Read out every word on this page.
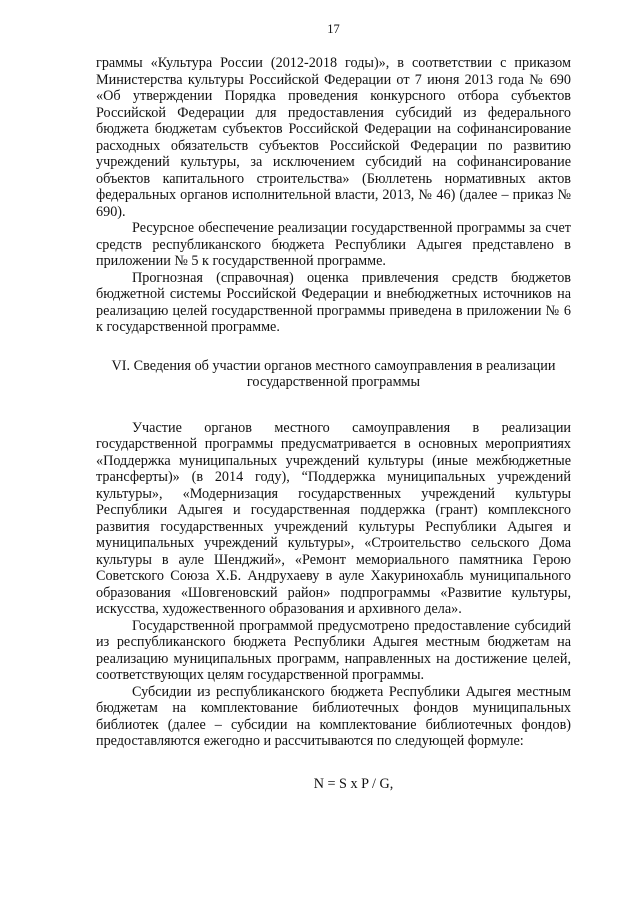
17

граммы «Культура России (2012-2018 годы)», в соответствии с приказом Министерства культуры Российской Федерации от 7 июня 2013 года № 690 «Об утверждении Порядка проведения конкурсного отбора субъектов Российской Федерации для предоставления субсидий из федерального бюджета бюджетам субъектов Российской Федерации на софинансирование расходных обязательств субъектов Российской Федерации по развитию учреждений культуры, за исключением субсидий на софинансирование объектов капитального строительства» (Бюллетень нормативных актов федеральных органов исполнительной власти, 2013, № 46) (далее – приказ № 690).

Ресурсное обеспечение реализации государственной программы за счет средств республиканского бюджета Республики Адыгея представлено в приложении № 5 к государственной программе.

Прогнозная (справочная) оценка привлечения средств бюджетов бюджетной системы Российской Федерации и внебюджетных источников на реализацию целей государственной программы приведена в приложении № 6 к государственной программе.

VI. Сведения об участии органов местного самоуправления в реализации
государственной программы

Участие органов местного самоуправления в реализации государственной программы предусматривается в основных мероприятиях «Поддержка муниципальных учреждений культуры (иные межбюджетные трансферты)» (в 2014 году), “Поддержка муниципальных учреждений культуры», «Модернизация государственных учреждений культуры Республики Адыгея и государственная поддержка (грант) комплексного развития государственных учреждений культуры Республики Адыгея и муниципальных учреждений культуры», «Строительство сельского Дома культуры в ауле Шенджий», «Ремонт мемориального памятника Герою Советского Союза Х.Б. Андрухаеву в ауле Хакуринохабль муниципального образования «Шовгеновский район» подпрограммы «Развитие культуры, искусства, художественного образования и архивного дела».

Государственной программой предусмотрено предоставление субсидий из республиканского бюджета Республики Адыгея местным бюджетам на реализацию муниципальных программ, направленных на достижение целей, соответствующих целям государственной программы.

Субсидии из республиканского бюджета Республики Адыгея местным бюджетам на комплектование библиотечных фондов муниципальных библиотек (далее – субсидии на комплектование библиотечных фондов) предоставляются ежегодно и рассчитываются по следующей формуле:

N = S x P / G,
